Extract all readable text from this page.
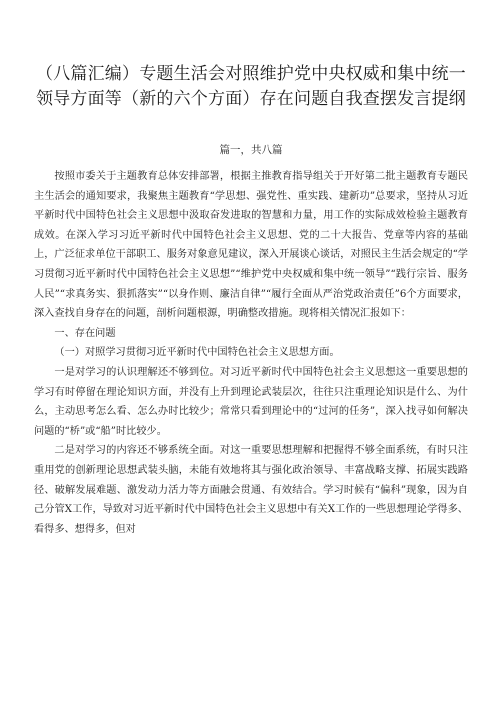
（八篇汇编）专题生活会对照维护党中央权威和集中统一领导方面等（新的六个方面）存在问题自我查摆发言提纲
篇一，共八篇

按照市委关于主题教育总体安排部署，根据主推教育指导组关于开好第二批主题教育专题民主生活会的通知要求，我聚焦主题教育“学思想、强党性、重实践、建新功”总要求，坚持从习近平新时代中国特色社会主义思想中汲取奋发进取的智慧和力量，用工作的实际成效检验主题教育成效。在深入学习习近平新时代中国特色社会主义思想、党的二十大报告、党章等内容的基础上，广泛征求单位干部职工、服务对象意见建议，深入开展谈心谈话，对照民主生活会规定的“学习贯彻习近平新时代中国特色社会主义思想”“维护党中央权威和集中统一领导”“践行宗旨、服务人民”“求真务实、狠抓落实”“以身作则、廉洁自律”“履行全面从严治党政治责任”6个方面要求，深入查找自身存在的问题，剖析问题根源，明确整改措施。现将相关情况汇报如下：

一、存在问题

（一）对照学习贯彻习近平新时代中国特色社会主义思想方面。

一是对学习的认识理解还不够到位。对习近平新时代中国特色社会主义思想这一重要思想的学习有时停留在理论知识方面，并没有上升到理论武装层次，往往只注重理论知识是什么、为什么，主动思考怎么看、怎么办时比较少；常常只看到理论中的“过河的任务”，深入找寻如何解决问题的“桥”或“船”时比较少。

二是对学习的内容还不够系统全面。对这一重要思想理解和把握得不够全面系统，有时只注重用党的创新理论思想武装头脑，未能有效地将其与强化政治领导、丰富战略支撑、拓展实践路径、破解发展难题、激发动力活力等方面融会贯通、有效结合。学习时候有“偏科”现象，因为自己分管X工作，导致对习近平新时代中国特色社会主义思想中有关X工作的一些思想理论学得多、看得多、想得多，但对
